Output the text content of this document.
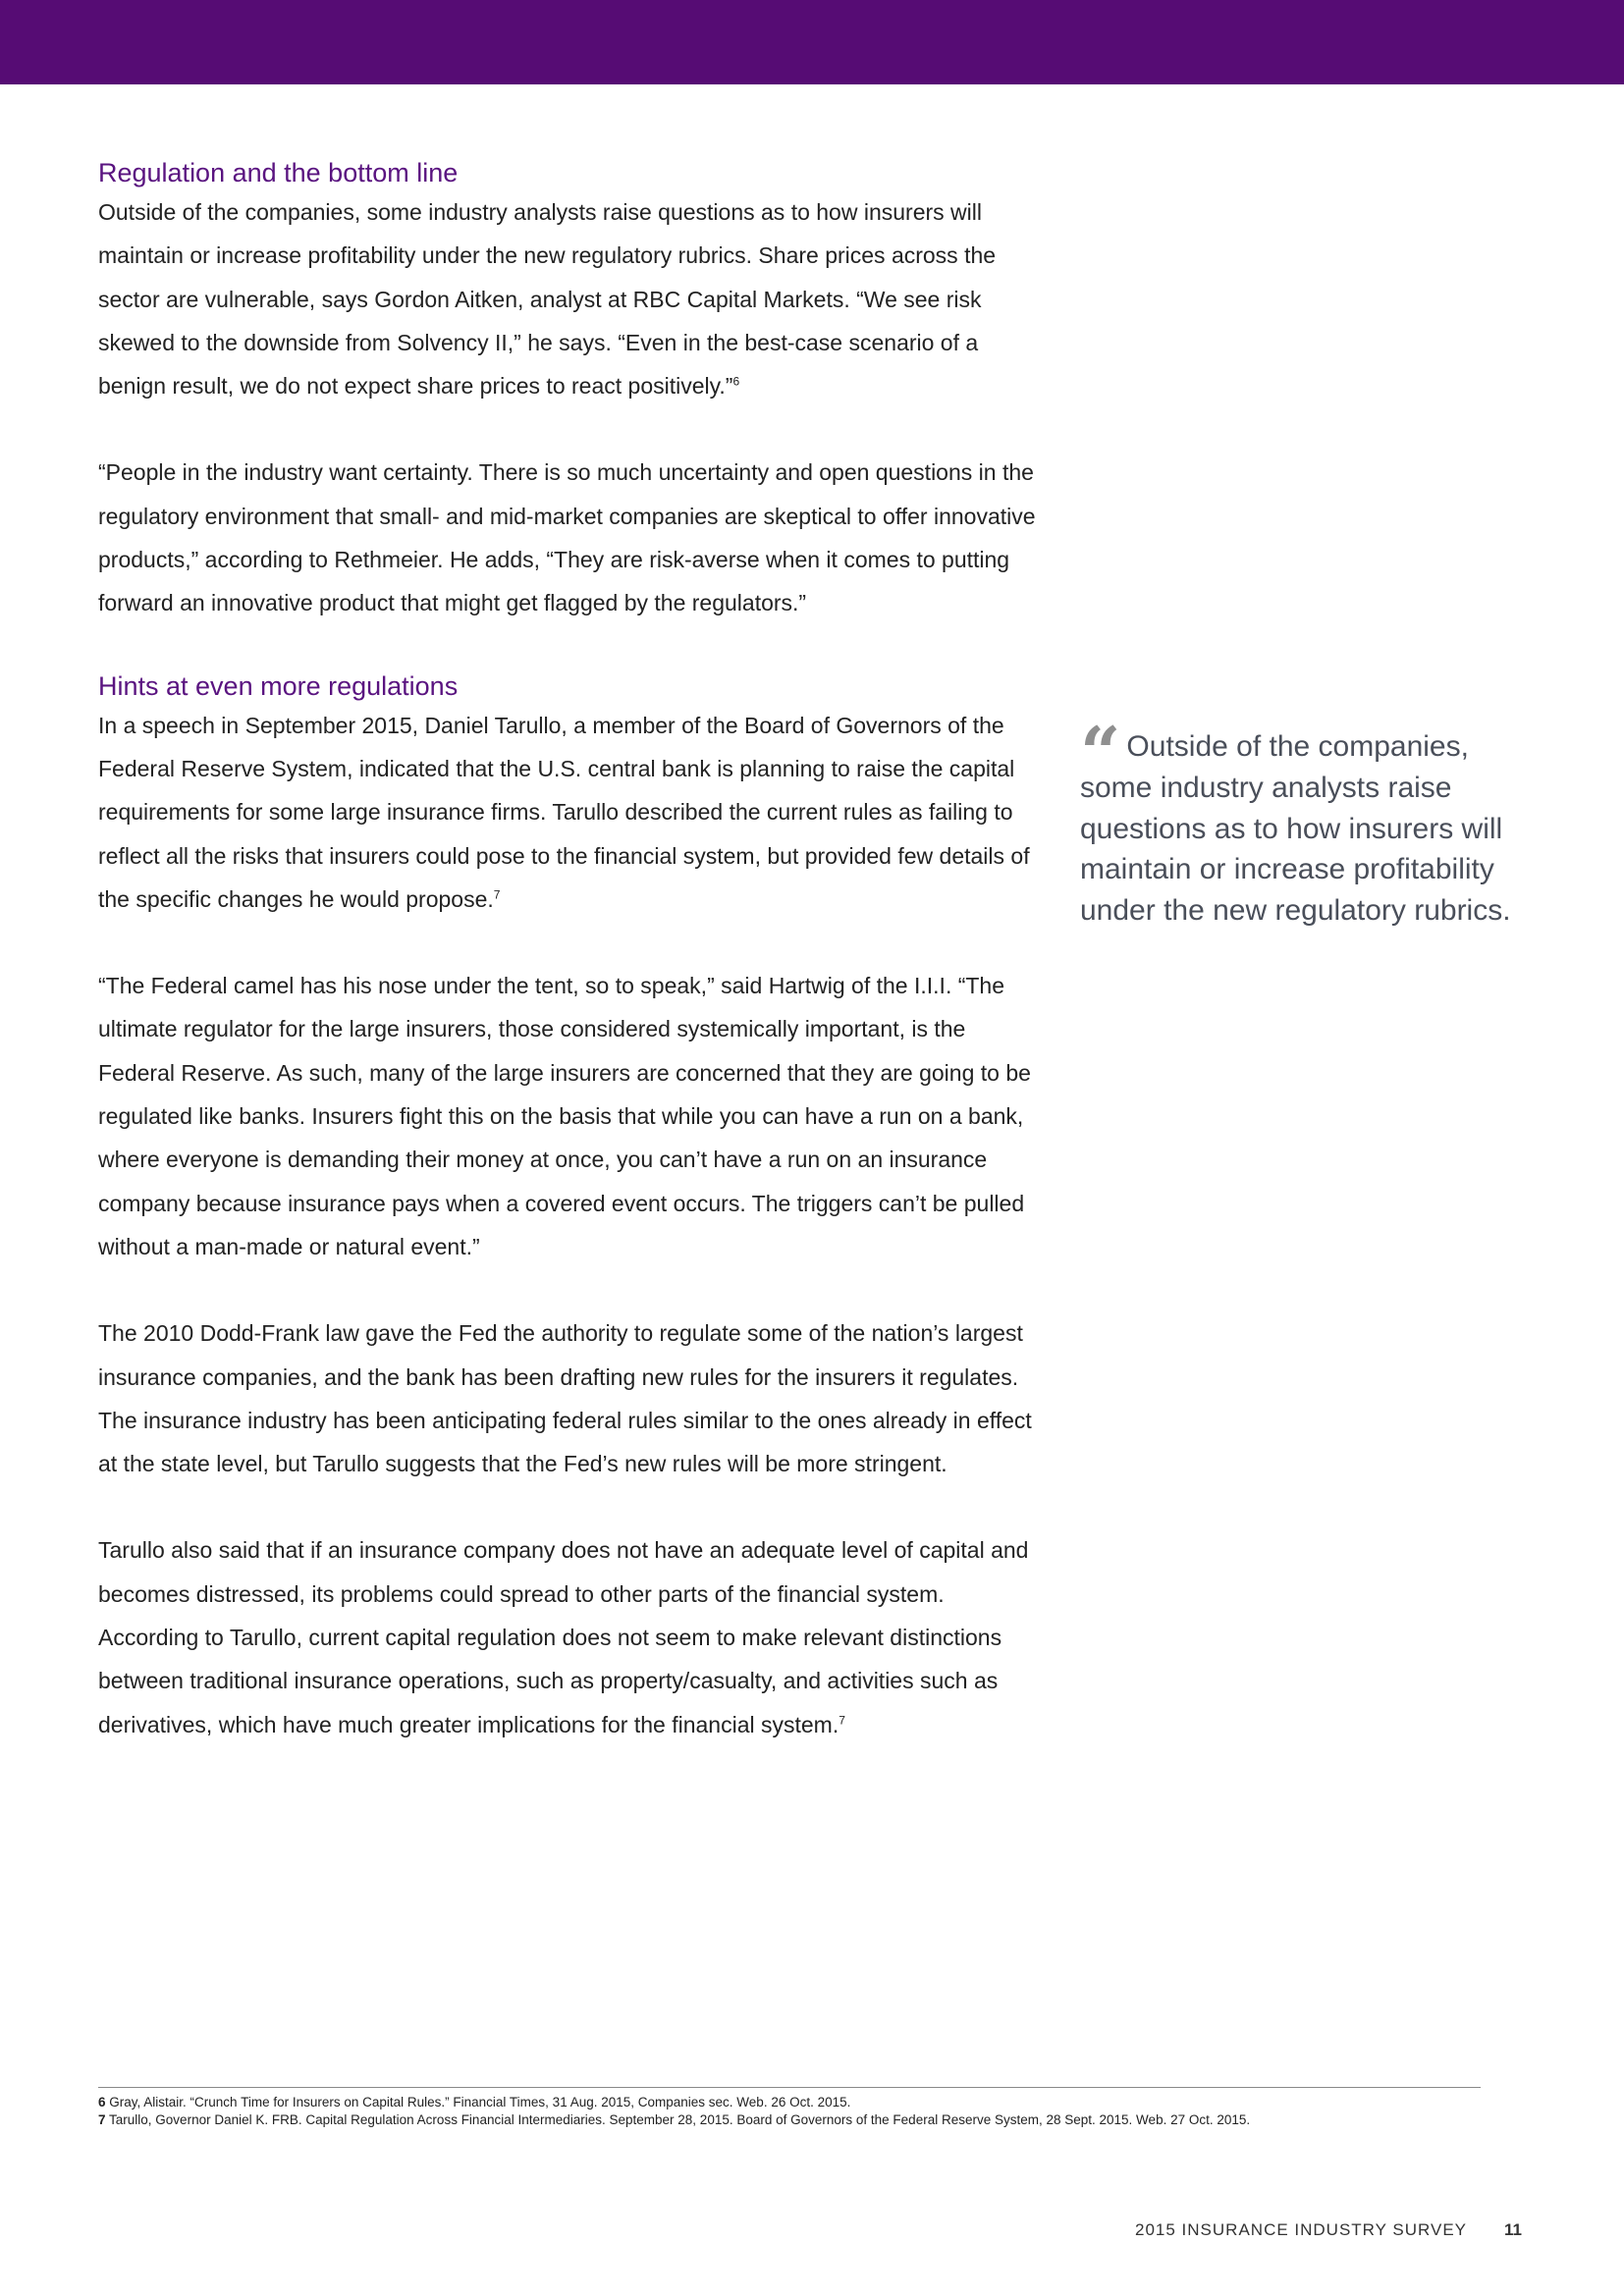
Regulation and the bottom line

Outside of the companies, some industry analysts raise questions as to how insurers will maintain or increase profitability under the new regulatory rubrics. Share prices across the sector are vulnerable, says Gordon Aitken, analyst at RBC Capital Markets. “We see risk skewed to the downside from Solvency II,” he says. “Even in the best-case scenario of a benign result, we do not expect share prices to react positively.”$^6$

“People in the industry want certainty. There is so much uncertainty and open questions in the regulatory environment that small- and mid-market companies are skeptical to offer innovative products,” according to Rethmeier. He adds, “They are risk-averse when it comes to putting forward an innovative product that might get flagged by the regulators.”

Hints at even more regulations

In a speech in September 2015, Daniel Tarullo, a member of the Board of Governors of the Federal Reserve System, indicated that the U.S. central bank is planning to raise the capital requirements for some large insurance firms. Tarullo described the current rules as failing to reflect all the risks that insurers could pose to the financial system, but provided few details of the specific changes he would propose.$^7$

“The Federal camel has his nose under the tent, so to speak,” said Hartwig of the I.I.I. “The ultimate regulator for the large insurers, those considered systemically important, is the Federal Reserve. As such, many of the large insurers are concerned that they are going to be regulated like banks. Insurers fight this on the basis that while you can have a run on a bank, where everyone is demanding their money at once, you can’t have a run on an insurance company because insurance pays when a covered event occurs. The triggers can’t be pulled without a man-made or natural event.”

The 2010 Dodd-Frank law gave the Fed the authority to regulate some of the nation’s largest insurance companies, and the bank has been drafting new rules for the insurers it regulates. The insurance industry has been anticipating federal rules similar to the ones already in effect at the state level, but Tarullo suggests that the Fed’s new rules will be more stringent.

Tarullo also said that if an insurance company does not have an adequate level of capital and becomes distressed, its problems could spread to other parts of the financial system. According to Tarullo, current capital regulation does not seem to make relevant distinctions between traditional insurance operations, such as property/casualty, and activities such as derivatives, which have much greater implications for the financial system.$^7$

“ Outside of the companies, some industry analysts raise questions as to how insurers will maintain or increase profitability under the new regulatory rubrics.
6 Gray, Alistair. “Crunch Time for Insurers on Capital Rules.” Financial Times, 31 Aug. 2015, Companies sec. Web. 26 Oct. 2015.
7 Tarullo, Governor Daniel K. FRB. Capital Regulation Across Financial Intermediaries. September 28, 2015. Board of Governors of the Federal Reserve System, 28 Sept. 2015. Web. 27 Oct. 2015.
2015 INSURANCE INDUSTRY SURVEY 11
